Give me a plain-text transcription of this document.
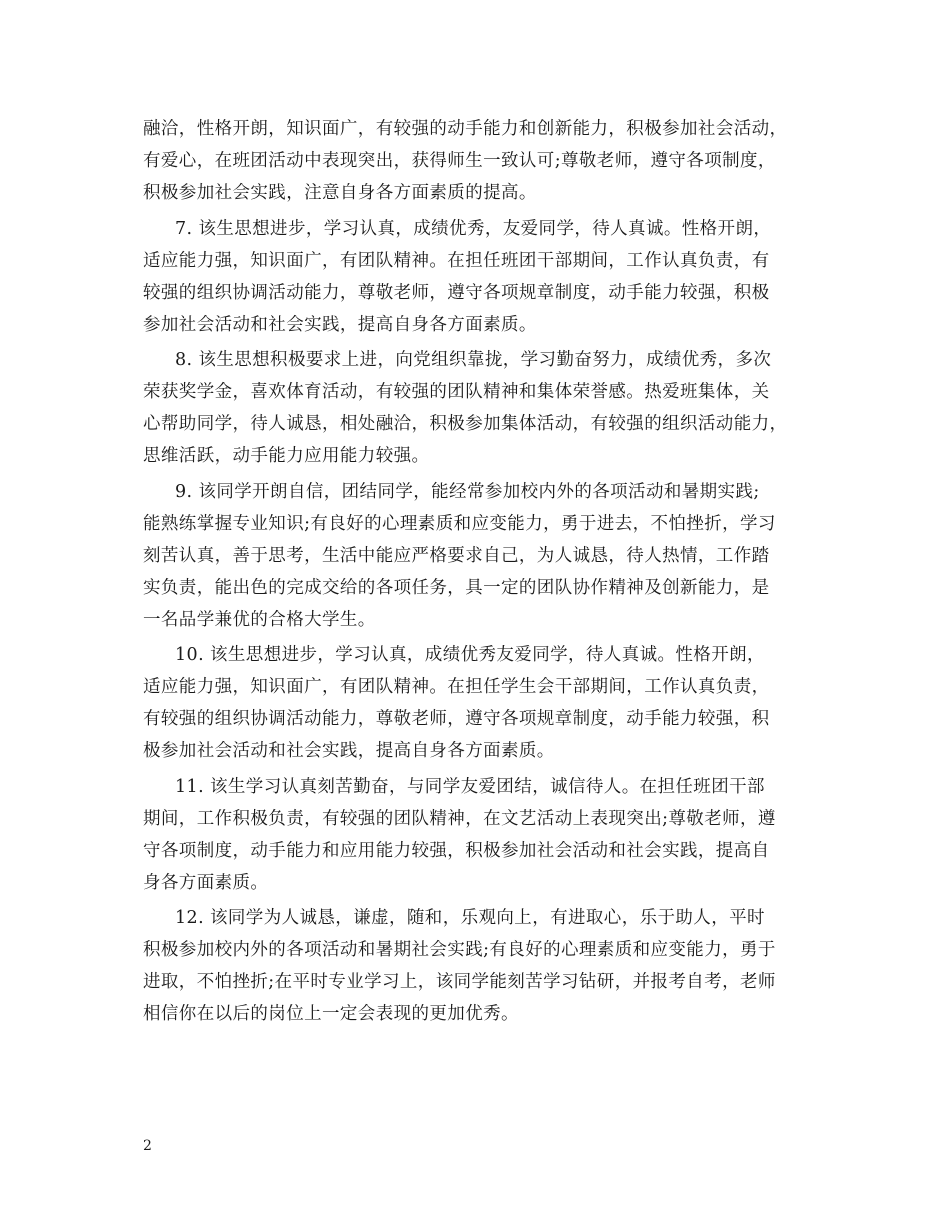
融洽，性格开朗，知识面广，有较强的动手能力和创新能力，积极参加社会活动，
有爱心，在班团活动中表现突出，获得师生一致认可;尊敬老师，遵守各项制度，
积极参加社会实践，注意自身各方面素质的提高。
7. 该生思想进步，学习认真，成绩优秀，友爱同学，待人真诚。性格开朗，
适应能力强，知识面广，有团队精神。在担任班团干部期间，工作认真负责，有
较强的组织协调活动能力，尊敬老师，遵守各项规章制度，动手能力较强，积极
参加社会活动和社会实践，提高自身各方面素质。
8. 该生思想积极要求上进，向党组织靠拢，学习勤奋努力，成绩优秀，多次
荣获奖学金，喜欢体育活动，有较强的团队精神和集体荣誉感。热爱班集体，关
心帮助同学，待人诚恳，相处融洽，积极参加集体活动，有较强的组织活动能力，
思维活跃，动手能力应用能力较强。
9. 该同学开朗自信，团结同学，能经常参加校内外的各项活动和暑期实践;
能熟练掌握专业知识;有良好的心理素质和应变能力，勇于进去，不怕挫折，学习
刻苦认真，善于思考，生活中能应严格要求自己，为人诚恳，待人热情，工作踏
实负责，能出色的完成交给的各项任务，具一定的团队协作精神及创新能力，是
一名品学兼优的合格大学生。
10. 该生思想进步，学习认真，成绩优秀友爱同学，待人真诚。性格开朗，
适应能力强，知识面广，有团队精神。在担任学生会干部期间，工作认真负责，
有较强的组织协调活动能力，尊敬老师，遵守各项规章制度，动手能力较强，积
极参加社会活动和社会实践，提高自身各方面素质。
11. 该生学习认真刻苦勤奋，与同学友爱团结，诚信待人。在担任班团干部
期间，工作积极负责，有较强的团队精神，在文艺活动上表现突出;尊敬老师，遵
守各项制度，动手能力和应用能力较强，积极参加社会活动和社会实践，提高自
身各方面素质。
12. 该同学为人诚恳，谦虚，随和，乐观向上，有进取心，乐于助人，平时
积极参加校内外的各项活动和暑期社会实践;有良好的心理素质和应变能力，勇于
进取，不怕挫折;在平时专业学习上，该同学能刻苦学习钻研，并报考自考，老师
相信你在以后的岗位上一定会表现的更加优秀。
2
